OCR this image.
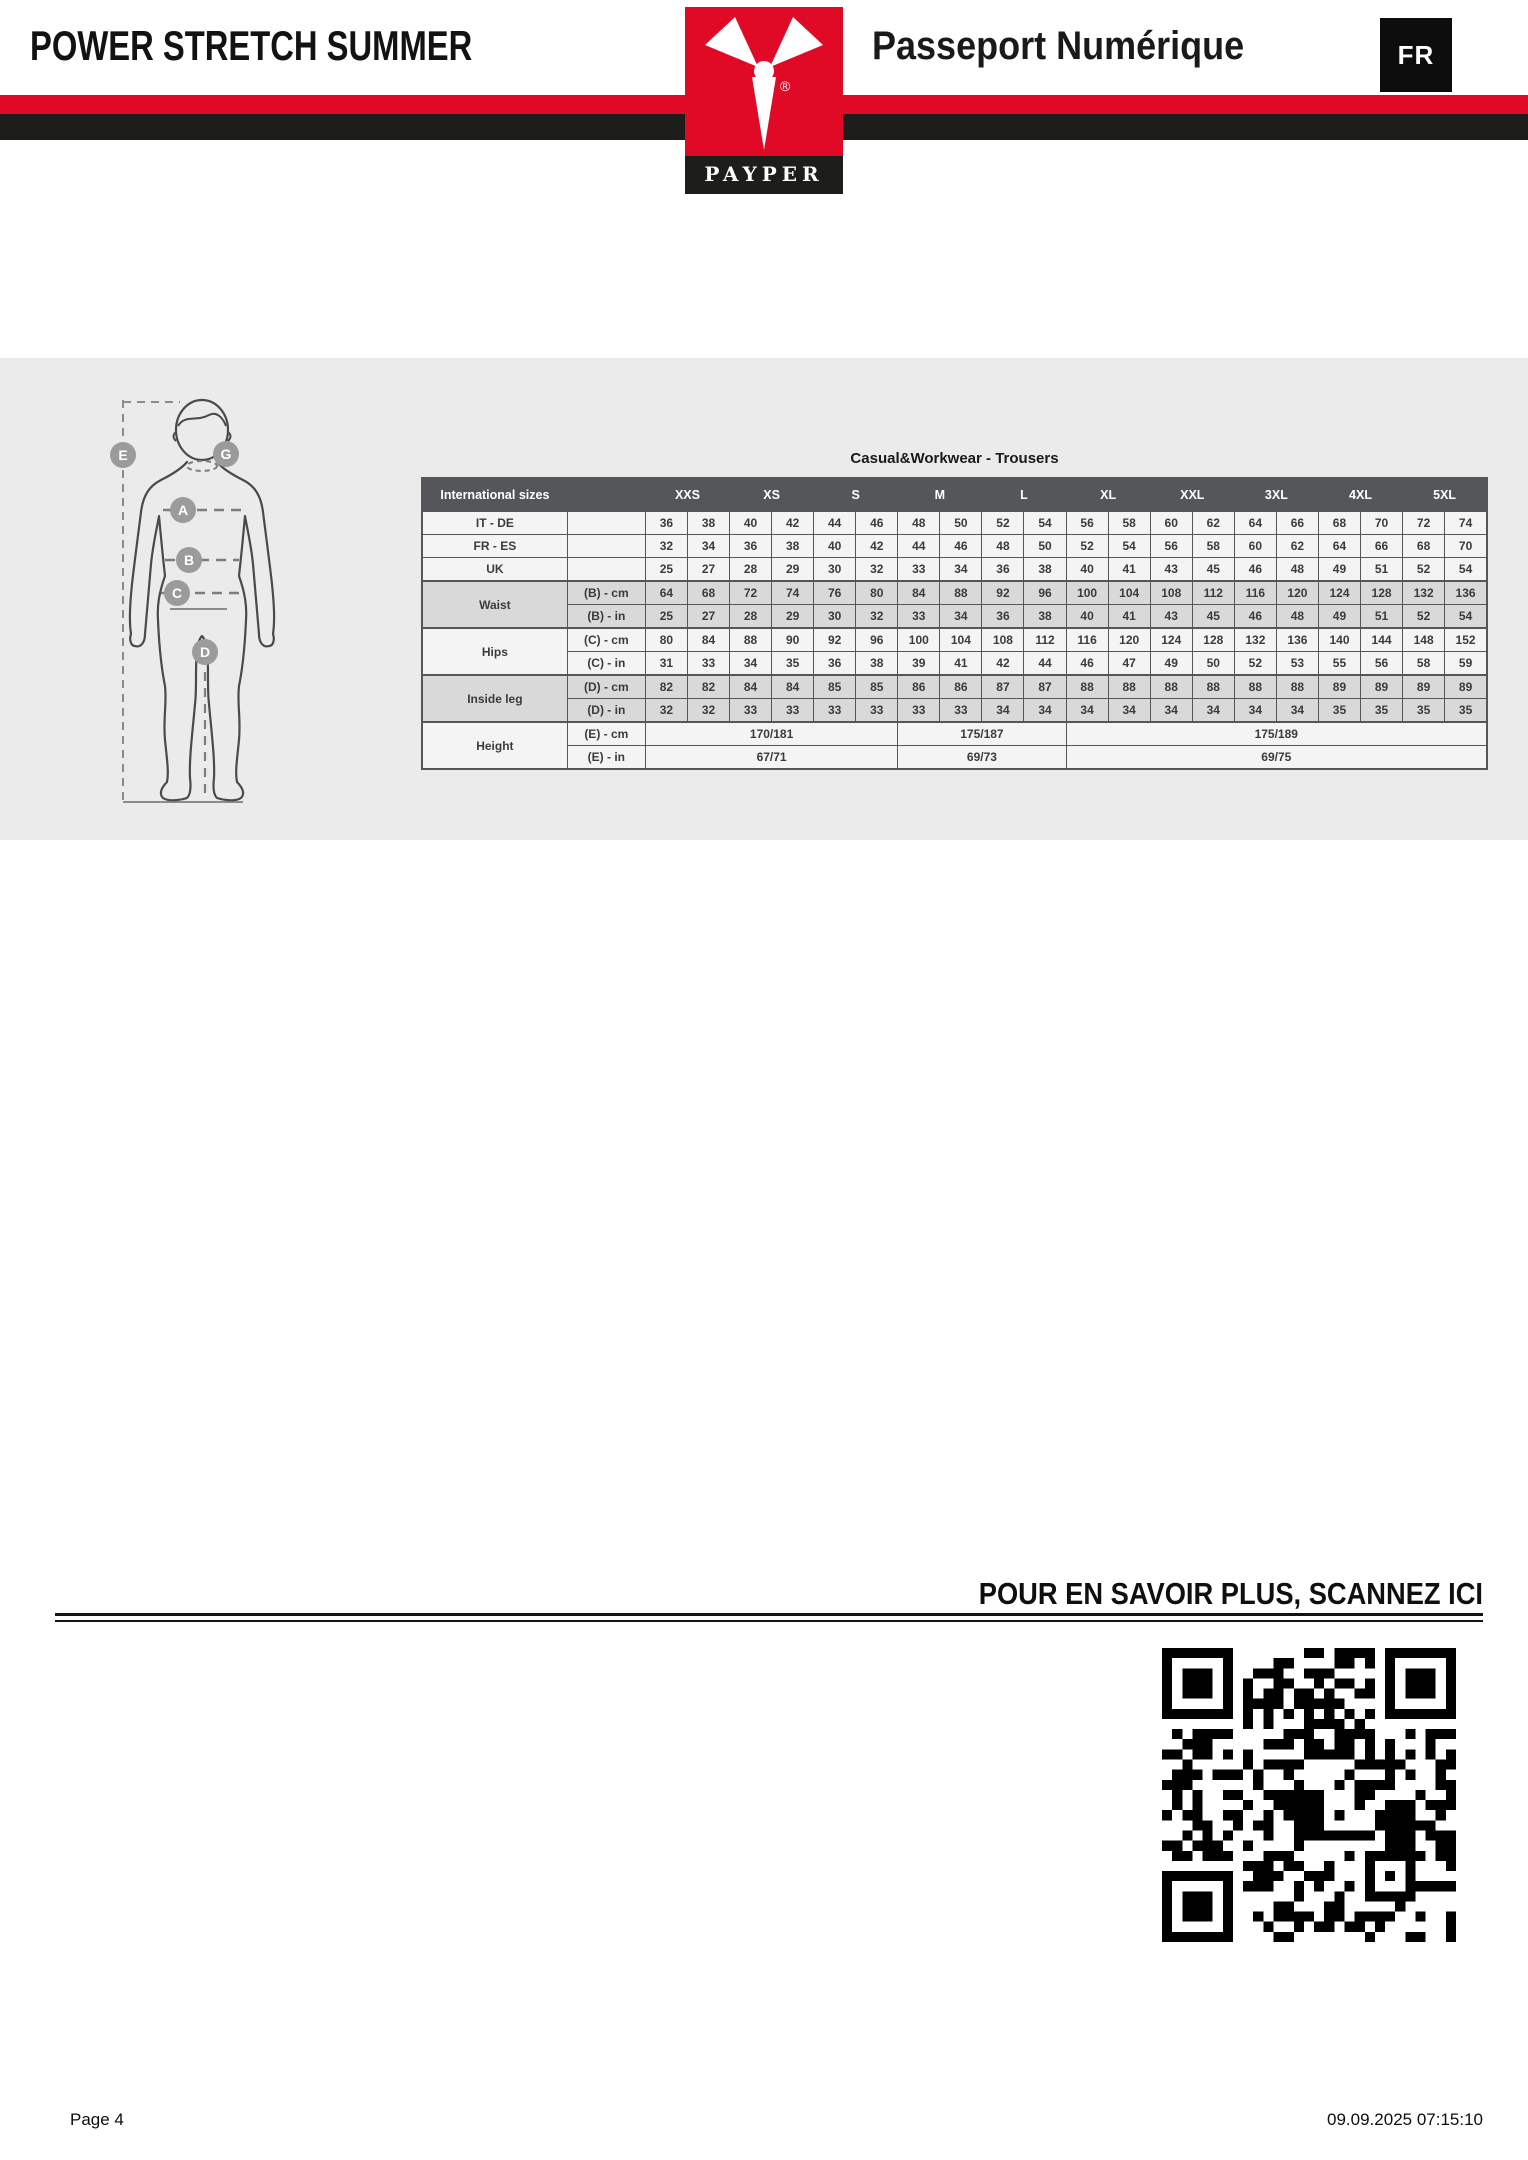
POWER STRETCH SUMMER	Passeport Numérique	FR
®
PAYPER
E	G
A
B
C
D
Casual&Workwear - Trousers
International sizes		XXS		XS		S		M		L		XL		XXL		3XL		4XL		5XL	
IT - DE		36	38	40	42	44	46	48	50	52	54	56	58	60	62	64	66	68	70	72	74
FR - ES		32	34	36	38	40	42	44	46	48	50	52	54	56	58	60	62	64	66	68	70
UK		25	27	28	29	30	32	33	34	36	38	40	41	43	45	46	48	49	51	52	54
Waist	(B) - cm	64	68	72	74	76	80	84	88	92	96	100	104	108	112	116	120	124	128	132	136
	(B) - in	25	27	28	29	30	32	33	34	36	38	40	41	43	45	46	48	49	51	52	54
Hips	(C) - cm	80	84	88	90	92	96	100	104	108	112	116	120	124	128	132	136	140	144	148	152
	(C) - in	31	33	34	35	36	38	39	41	42	44	46	47	49	50	52	53	55	56	58	59
Inside leg	(D) - cm	82	82	84	84	85	85	86	86	87	87	88	88	88	88	88	88	89	89	89	89
	(D) - in	32	32	33	33	33	33	33	33	34	34	34	34	34	34	34	34	35	35	35	35
Height	(E) - cm	170/181						175/187				175/189									
	(E) - in	67/71						69/73				69/75									
POUR EN SAVOIR PLUS, SCANNEZ ICI
Page 4	09.09.2025 07:15:10
